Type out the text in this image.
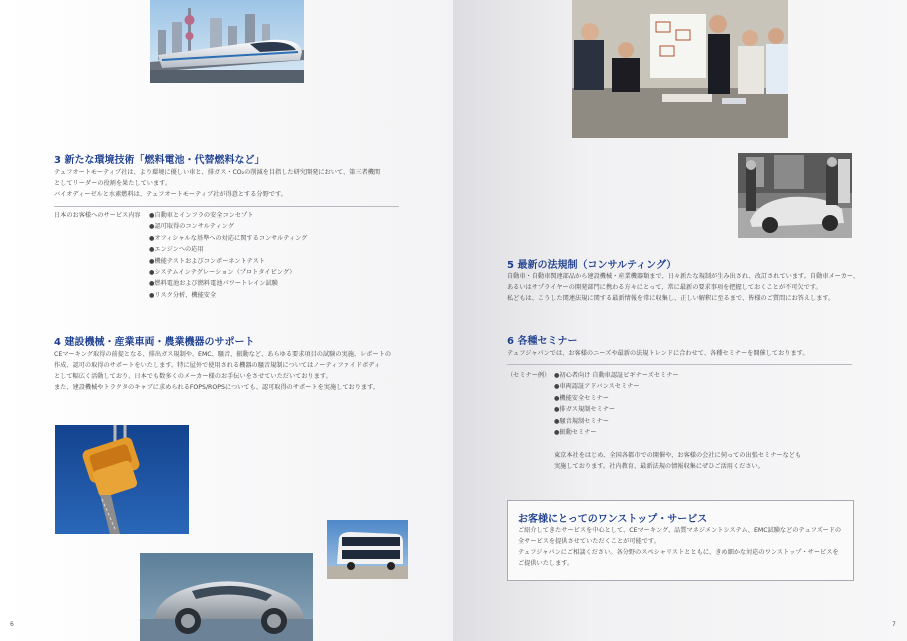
3 新たな環境技術「燃料電池・代替燃料など」
テュフオートモーティブ社は、より環境に優しい車と、排ガス・CO₂の削減を目指した研究開発において、第三者機関
としてリーダーの役割を果たしています。
バイオディーゼルと水素燃料は、テュフオートモーティブ社が得意とする分野です。
日本のお客様へのサービス内容 ●自動車とインフラの安全コンセプト
●認可取得のコンサルティング
●オフィシャルな基準への対応に関するコンサルティング
●エンジンへの応用
●機能テストおよびコンポーネントテスト
●システムインテグレーション（プロトタイピング）
●燃料電池および燃料電池パワートレイン試験
●リスク分析、機能安全
4 建設機械・産業車両・農業機器のサポート
CEマーキング取得の前提となる、排出ガス規制や、EMC、騒音、振動など、あらゆる要求項目の試験の実施、レポートの
作成、認可の取得のサポートをいたします。特に屋外で使用される機器の騒音規制についてはノーティファイドボディ
として幅広く活動しており、日本でも数多くのメーカー様のお手伝いをさせていただいております。
また、建設機械やトラクタのキャブに求められるFOPS/ROPSについても、認可取得のサポートを実施しております。
6
5 最新の法規制（コンサルティング）
自動車・自動車関連部品から建設機械・産業機器類まで、日々新たな規制が生み出され、改訂されています。自動車メーカー、
あるいはサプライヤーの開発部門に携わる方々にとって、常に最新の要求事項を把握しておくことが不可欠です。
私どもは、こうした関連法規に関する最新情報を常に収集し、正しい解釈に至るまで、皆様のご質問にお答えします。
6 各種セミナー
テュフジャパンでは、お客様のニーズや最新の法規トレンドに合わせて、各種セミナーを開催しております。
（セミナー例） ●初心者向け 自動車認証ビギナーズセミナー
●車両認証アドバンスセミナー
●機能安全セミナー
●排ガス規制セミナー
●騒音規制セミナー
●振動セミナー
東京本社をはじめ、全国各都市での開催や、お客様の会社に伺っての出張セミナーなども
実施しております。社内教育、最新法規の情報収集にぜひご活用ください。
お客様にとってのワンストップ・サービス
ご紹介してきたサービスを中心として、CEマーキング、品質マネジメントシステム、EMC試験などのテュフズードの
全サービスを提供させていただくことが可能です。
テュフジャパンにご相談ください。各分野のスペシャリストとともに、きめ細かな対応のワンストップ・サービスを
ご提供いたします。
7
